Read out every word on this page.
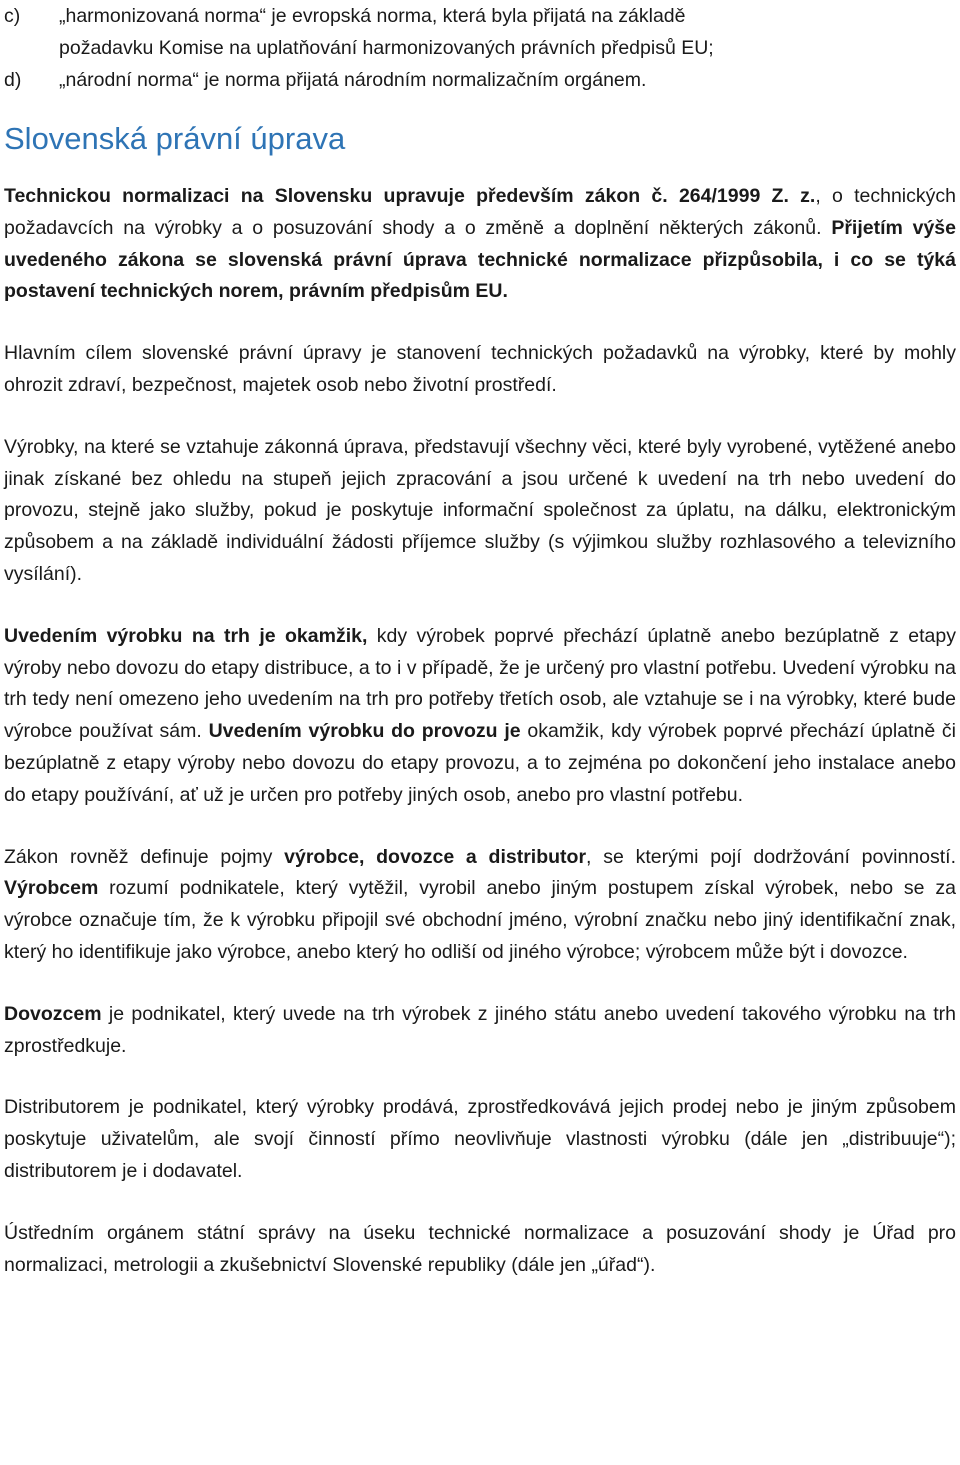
c)	„harmonizovaná norma“ je evropská norma, která byla přijatá na základě
požadavku Komise na uplatňování harmonizovaných právních předpisů EU;
d)	„národní norma“ je norma přijatá národním normalizačním orgánem.
Slovenská právní úprava

Technickou normalizaci na Slovensku upravuje především zákon č. 264/1999 Z. z., o technických požadavcích na výrobky a o posuzování shody a o změně a doplnění některých zákonů. Přijetím výše uvedeného zákona se slovenská právní úprava technické normalizace přizpůsobila, i co se týká postavení technických norem, právním předpisům EU.

Hlavním cílem slovenské právní úpravy je stanovení technických požadavků na výrobky, které by mohly ohrozit zdraví, bezpečnost, majetek osob nebo životní prostředí.

Výrobky, na které se vztahuje zákonná úprava, představují všechny věci, které byly vyrobené, vytěžené anebo jinak získané bez ohledu na stupeň jejich zpracování a jsou určené k uvedení na trh nebo uvedení do provozu, stejně jako služby, pokud je poskytuje informační společnost za úplatu, na dálku, elektronickým způsobem a na základě individuální žádosti příjemce služby (s výjimkou služby rozhlasového a televizního vysílání).

Uvedením výrobku na trh je okamžik, kdy výrobek poprvé přechází úplatně anebo bezúplatně z etapy výroby nebo dovozu do etapy distribuce, a to i v případě, že je určený pro vlastní potřebu. Uvedení výrobku na trh tedy není omezeno jeho uvedením na trh pro potřeby třetích osob, ale vztahuje se i na výrobky, které bude výrobce používat sám. Uvedením výrobku do provozu je okamžik, kdy výrobek poprvé přechází úplatně či bezúplatně z etapy výroby nebo dovozu do etapy provozu, a to zejména po dokončení jeho instalace anebo do etapy používání, ať už je určen pro potřeby jiných osob, anebo pro vlastní potřebu.

Zákon rovněž definuje pojmy výrobce, dovozce a distributor, se kterými pojí dodržování povinností. Výrobcem rozumí podnikatele, který vytěžil, vyrobil anebo jiným postupem získal výrobek, nebo se za výrobce označuje tím, že k výrobku připojil své obchodní jméno, výrobní značku nebo jiný identifikační znak, který ho identifikuje jako výrobce, anebo který ho odliší od jiného výrobce; výrobcem může být i dovozce.

Dovozcem je podnikatel, který uvede na trh výrobek z jiného státu anebo uvedení takového výrobku na trh zprostředkuje.

Distributorem je podnikatel, který výrobky prodává, zprostředkovává jejich prodej nebo je jiným způsobem poskytuje uživatelům, ale svojí činností přímo neovlivňuje vlastnosti výrobku (dále jen „distribuuje“); distributorem je i dodavatel.

Ústředním orgánem státní správy na úseku technické normalizace a posuzování shody je Úřad pro normalizaci, metrologii a zkušebnictví Slovenské republiky (dále jen „úřad“).
